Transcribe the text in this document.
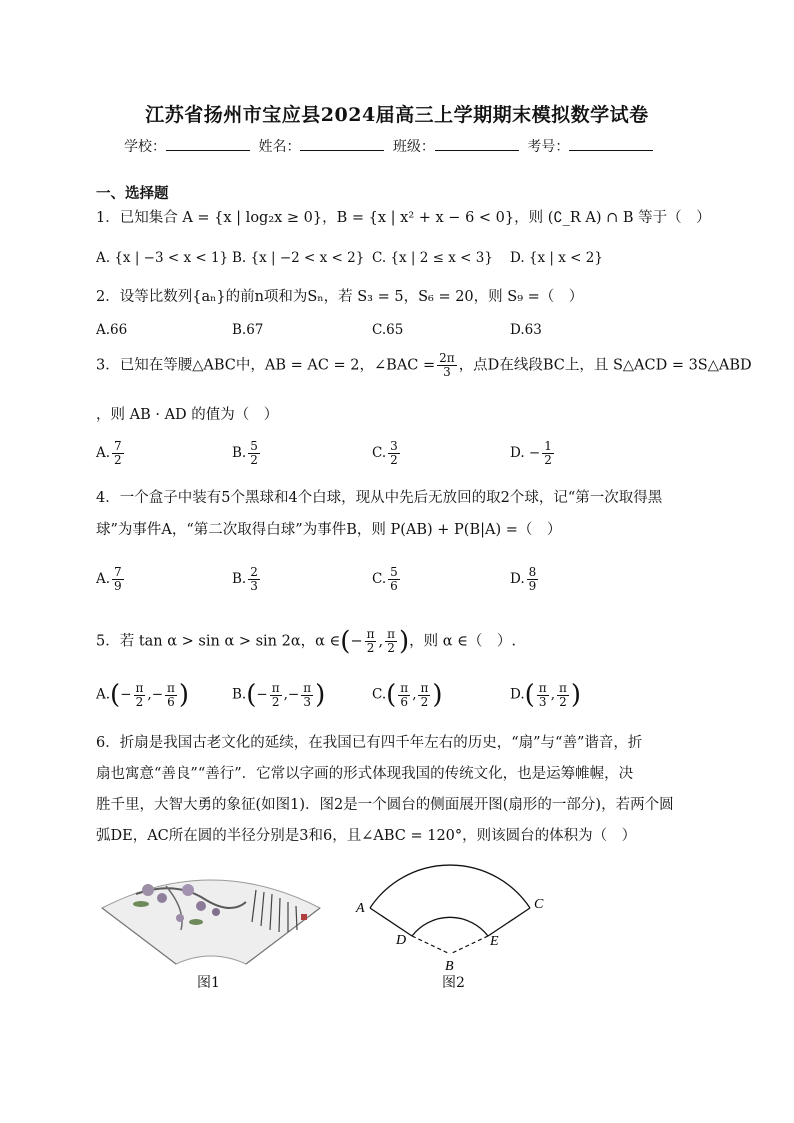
江苏省扬州市宝应县2024届高三上学期期末模拟数学试卷
学校：	姓名：	班级：	考号：
一、选择题
1．已知集合 A = {x | log₂x ≥ 0}，B = {x | x² + x − 6 < 0}，则 (∁_R A) ∩ B 等于（　）
A. {x | −3 < x < 1} B. {x | −2 < x < 2} C. {x | 2 ≤ x < 3} D. {x | x < 2}
2．设等比数列{aₙ}的前n项和为Sₙ，若 S₃ = 5，S₆ = 20，则 S₉ =（　）
A.66	B.67	C.65	D.63
3．已知在等腰△ABC中，AB = AC = 2，∠BAC = $\frac{2\pi}{3}$ ，点D在线段BC上，且 S△ACD = 3S△ABD
，则 AB · AD 的值为（　）
A. $\frac{7}{2}$	B. $\frac{5}{2}$	C. $\frac{3}{2}$	D. − $\frac{1}{2}$
4．一个盒子中装有5个黑球和4个白球，现从中先后无放回的取2个球，记“第一次取得黑
球”为事件A，“第二次取得白球”为事件B，则 P(AB) + P(B|A) =（　）
A. $\frac{7}{9}$	B. $\frac{2}{3}$	C. $\frac{5}{6}$	D. $\frac{8}{9}$
5．若 tan α > sin α > sin 2α，α ∈(− $\frac{\pi}{2}$ , $\frac{\pi}{2}$ )，则 α ∈（　）.
$A.(- \frac{\pi}{2}$ ,− $\frac{\pi}{6}$ )	$B.(- \frac{\pi}{2}$ ,− $\frac{\pi}{3}$ )	$C.( \frac{\pi}{6}$ , $\frac{\pi}{2}$ )	$D.( \frac{\pi}{3}$ , $\frac{\pi}{2}$ )
6．折扇是我国古老文化的延续，在我国已有四千年左右的历史，“扇”与“善”谐音，折
扇也寓意“善良”“善行”．它常以字画的形式体现我国的传统文化，也是运筹帷幄，决
胜千里，大智大勇的象征(如图1)．图2是一个圆台的侧面展开图(扇形的一部分)，若两个圆
弧DE，AC所在圆的半径分别是3和6，且∠ABC = 120°，则该圆台的体积为（　）
图1
A	C
D	E
B
图2
